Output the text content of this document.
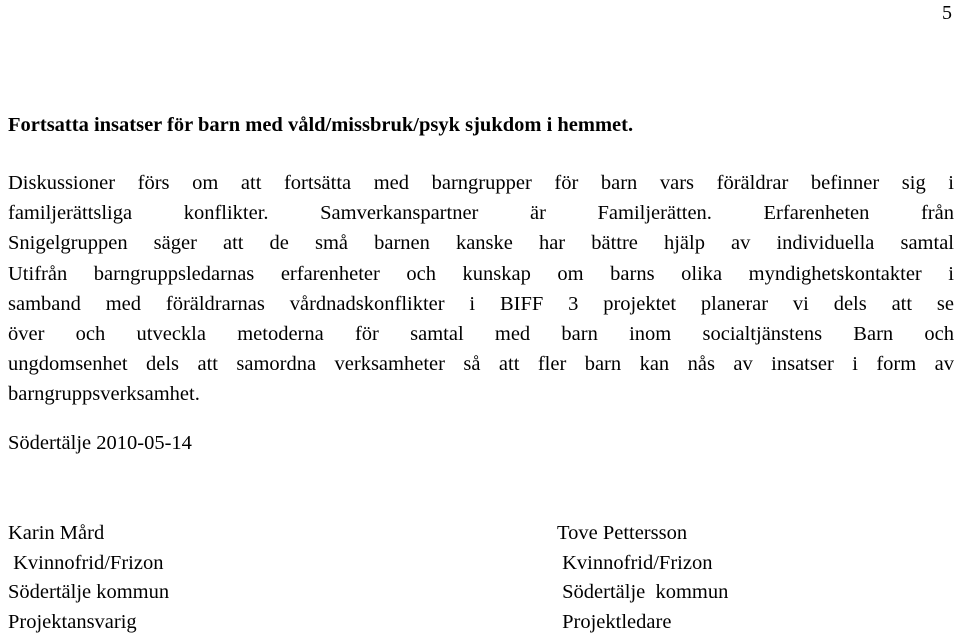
5
Fortsatta insatser för barn med våld/missbruk/psyk sjukdom i hemmet.
Diskussioner förs om att fortsätta med barngrupper för barn vars föräldrar befinner sig i
familjerättsliga konflikter. Samverkanspartner är Familjerätten. Erfarenheten från
Snigelgruppen säger att de små barnen kanske har bättre hjälp av individuella samtal
Utifrån barngruppsledarnas erfarenheter och kunskap om barns olika myndighetskontakter i
samband med föräldrarnas vårdnadskonflikter i BIFF 3 projektet planerar vi dels att se
över och utveckla metoderna för samtal med barn inom socialtjänstens Barn och
ungdomsenhet dels att samordna verksamheter så att fler barn kan nås av insatser i form av
barngruppsverksamhet.
Södertälje 2010-05-14
Karin Mård
Kvinnofrid/Frizon
Södertälje kommun
Projektansvarig
Tove Pettersson
Kvinnofrid/Frizon
Södertälje  kommun
Projektledare
